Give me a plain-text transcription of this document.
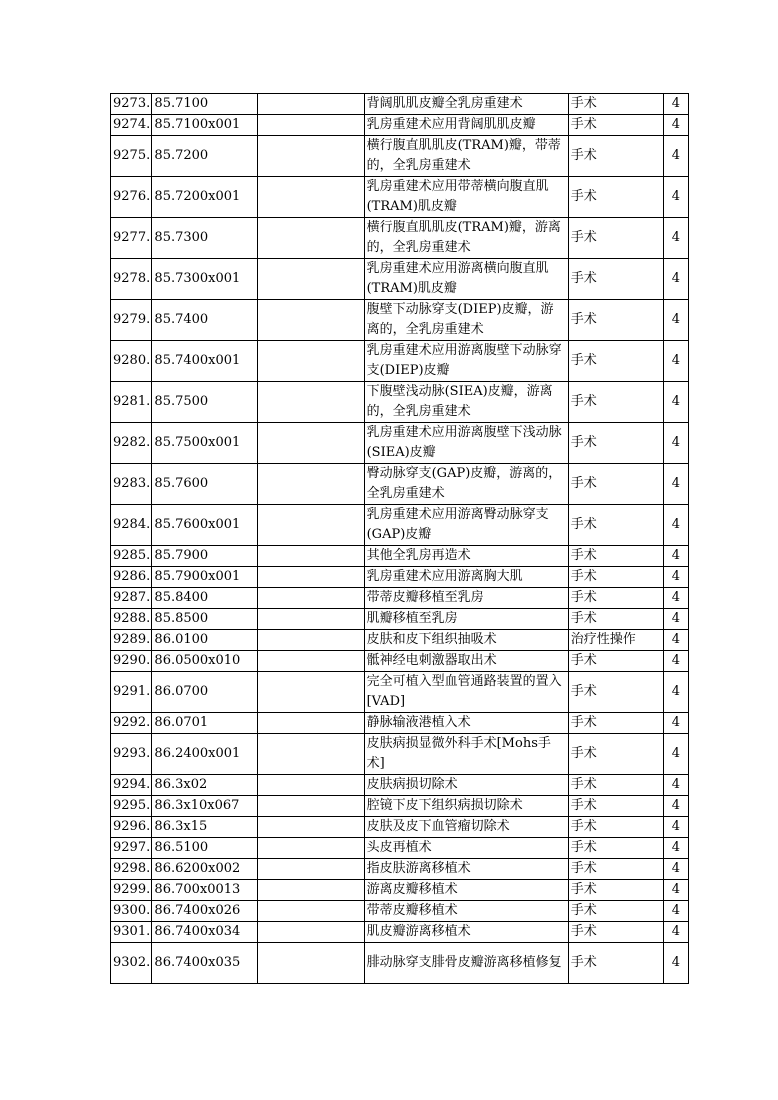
9273.	85.7100		背阔肌肌皮瓣全乳房重建术	手术	4
9274.	85.7100x001		乳房重建术应用背阔肌肌皮瓣	手术	4
9275.	85.7200		横行腹直肌肌皮(TRAM)瓣，带蒂的，全乳房重建术	手术	4
9276.	85.7200x001		乳房重建术应用带蒂横向腹直肌(TRAM)肌皮瓣	手术	4
9277.	85.7300		横行腹直肌肌皮(TRAM)瓣，游离的，全乳房重建术	手术	4
9278.	85.7300x001		乳房重建术应用游离横向腹直肌(TRAM)肌皮瓣	手术	4
9279.	85.7400		腹壁下动脉穿支(DIEP)皮瓣，游离的，全乳房重建术	手术	4
9280.	85.7400x001		乳房重建术应用游离腹壁下动脉穿支(DIEP)皮瓣	手术	4
9281.	85.7500		下腹壁浅动脉(SIEA)皮瓣，游离的，全乳房重建术	手术	4
9282.	85.7500x001		乳房重建术应用游离腹壁下浅动脉(SIEA)皮瓣	手术	4
9283.	85.7600		臀动脉穿支(GAP)皮瓣，游离的，全乳房重建术	手术	4
9284.	85.7600x001		乳房重建术应用游离臀动脉穿支(GAP)皮瓣	手术	4
9285.	85.7900		其他全乳房再造术	手术	4
9286.	85.7900x001		乳房重建术应用游离胸大肌	手术	4
9287.	85.8400		带蒂皮瓣移植至乳房	手术	4
9288.	85.8500		肌瓣移植至乳房	手术	4
9289.	86.0100		皮肤和皮下组织抽吸术	治疗性操作	4
9290.	86.0500x010		骶神经电刺激器取出术	手术	4
9291.	86.0700		完全可植入型血管通路装置的置入[VAD]	手术	4
9292.	86.0701		静脉输液港植入术	手术	4
9293.	86.2400x001		皮肤病损显微外科手术[Mohs手术]	手术	4
9294.	86.3x02		皮肤病损切除术	手术	4
9295.	86.3x10x067		腔镜下皮下组织病损切除术	手术	4
9296.	86.3x15		皮肤及皮下血管瘤切除术	手术	4
9297.	86.5100		头皮再植术	手术	4
9298.	86.6200x002		指皮肤游离移植术	手术	4
9299.	86.700x0013		游离皮瓣移植术	手术	4
9300.	86.7400x026		带蒂皮瓣移植术	手术	4
9301.	86.7400x034		肌皮瓣游离移植术	手术	4
9302.	86.7400x035		腓动脉穿支腓骨皮瓣游离移植修复	手术	4
